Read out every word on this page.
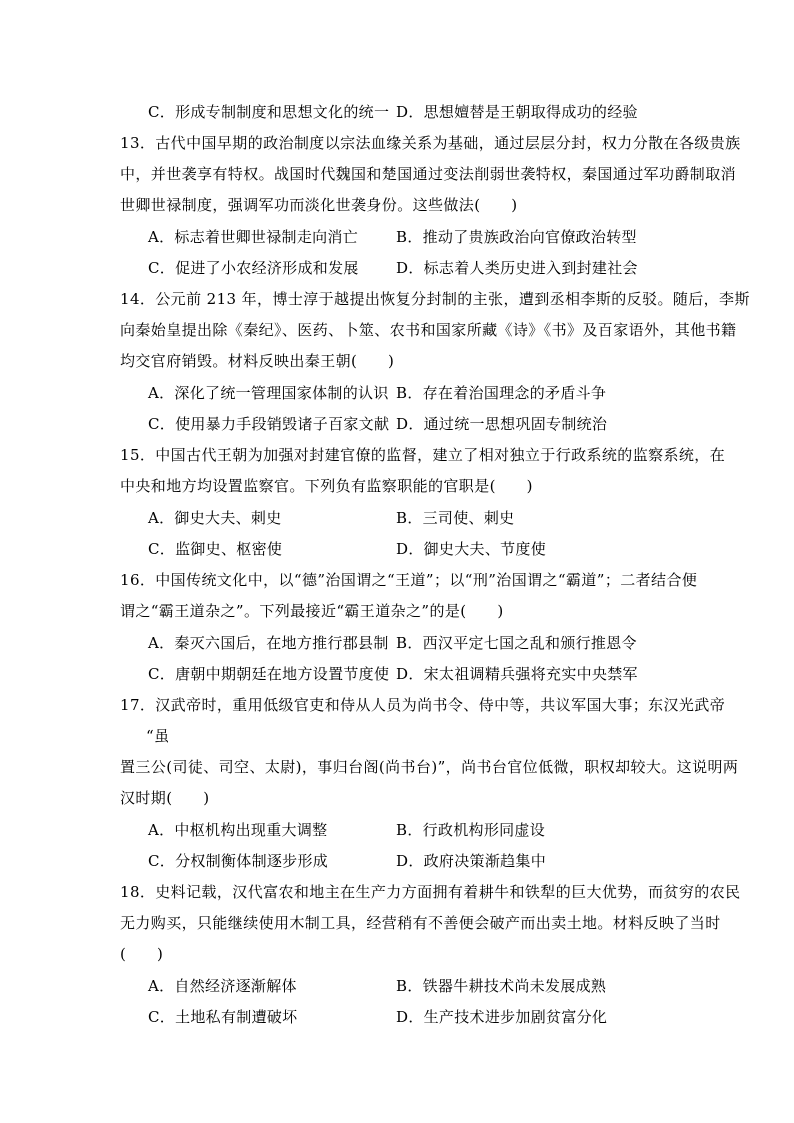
C．形成专制制度和思想文化的统一 D．思想嬗替是王朝取得成功的经验
13．古代中国早期的政治制度以宗法血缘关系为基础，通过层层分封，权力分散在各级贵族
中，并世袭享有特权。战国时代魏国和楚国通过变法削弱世袭特权，秦国通过军功爵制取消
世卿世禄制度，强调军功而淡化世袭身份。这些做法(　　)
A．标志着世卿世禄制走向消亡	B．推动了贵族政治向官僚政治转型
C．促进了小农经济形成和发展 D．标志着人类历史进入到封建社会
14．公元前 213 年，博士淳于越提出恢复分封制的主张，遭到丞相李斯的反驳。随后，李斯
向秦始皇提出除《秦纪》、医药、卜筮、农书和国家所藏《诗》《书》及百家语外，其他书籍
均交官府销毁。材料反映出秦王朝(　　)
A．深化了统一管理国家体制的认识 B．存在着治国理念的矛盾斗争
C．使用暴力手段销毁诸子百家文献 D．通过统一思想巩固专制统治
15．中国古代王朝为加强对封建官僚的监督，建立了相对独立于行政系统的监察系统，在
中央和地方均设置监察官。下列负有监察职能的官职是(　　)
A．御史大夫、刺史	B．三司使、刺史
C．监御史、枢密使	D．御史大夫、节度使
16．中国传统文化中，以“德”治国谓之“王道”；以“刑”治国谓之“霸道”；二者结合便
谓之“霸王道杂之”。下列最接近“霸王道杂之”的是(　　)
A．秦灭六国后，在地方推行郡县制 B．西汉平定七国之乱和颁行推恩令
C．唐朝中期朝廷在地方设置节度使 D．宋太祖调精兵强将充实中央禁军
17．汉武帝时，重用低级官吏和侍从人员为尚书令、侍中等，共议军国大事；东汉光武帝
“虽
置三公(司徒、司空、太尉)，事归台阁(尚书台)”，尚书台官位低微，职权却较大。这说明两
汉时期(　　)
A．中枢机构出现重大调整	B．行政机构形同虚设
C．分权制衡体制逐步形成	D．政府决策渐趋集中
18．史料记载，汉代富农和地主在生产力方面拥有着耕牛和铁犁的巨大优势，而贫穷的农民
无力购买，只能继续使用木制工具，经营稍有不善便会破产而出卖土地。材料反映了当时
(　　)
A．自然经济逐渐解体	B．铁器牛耕技术尚未发展成熟
C．土地私有制遭破坏	D．生产技术进步加剧贫富分化
